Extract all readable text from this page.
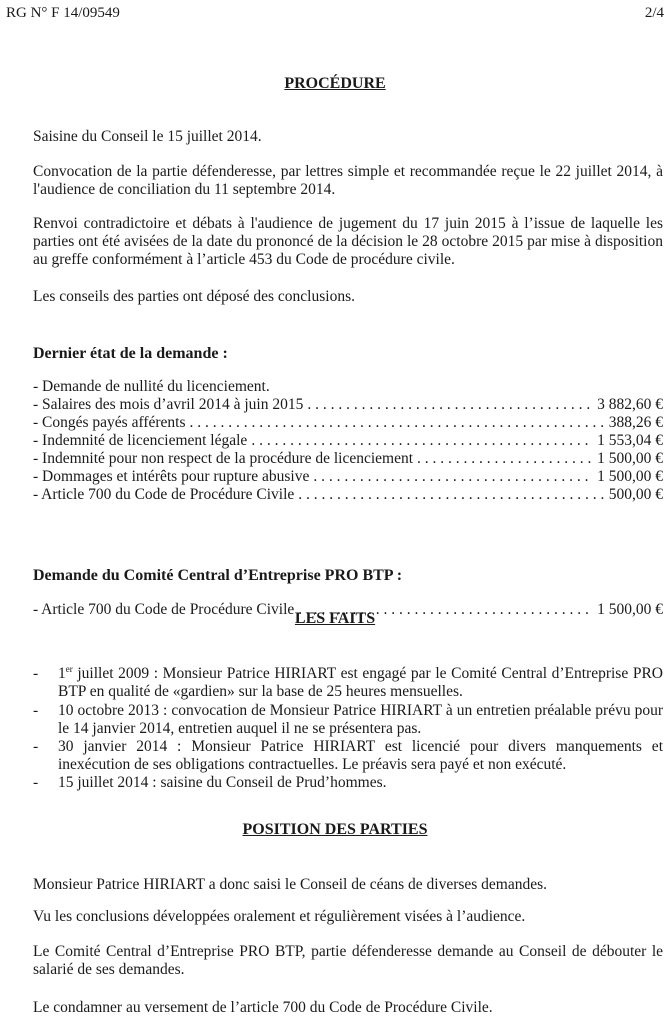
RG N° F 14/09549	2/4
PROCÉDURE
Saisine du Conseil le 15 juillet 2014.
Convocation de la partie défenderesse, par lettres simple et recommandée reçue le 22 juillet 2014, à l'audience de conciliation du 11 septembre 2014.
Renvoi contradictoire et débats à l'audience de jugement du 17 juin 2015 à l’issue de laquelle les parties ont été avisées de la date du prononcé de la décision le 28 octobre 2015 par mise à disposition au greffe conformément à l’article 453 du Code de procédure civile.
Les conseils des parties ont déposé des conclusions.
Dernier état de la demande :
- Demande de nullité du licenciement.
- Salaires des mois d’avril 2014 à juin 2015 . . .	3 882,60 €
- Congés payés afférents . . .	388,26 €
- Indemnité de licenciement légale . . .	1 553,04 €
- Indemnité pour non respect de la procédure de licenciement . . .	1 500,00 €
- Dommages et intérêts pour rupture abusive . . .	1 500,00 €
- Article 700 du Code de Procédure Civile . . .	500,00 €
Demande du Comité Central d’Entreprise PRO BTP :
- Article 700 du Code de Procédure Civile . . .	1 500,00 €
LES FAITS
- 1er juillet 2009 : Monsieur Patrice HIRIART est engagé par le Comité Central d’Entreprise PRO BTP en qualité de «gardien» sur la base de 25 heures mensuelles.
- 10 octobre 2013 : convocation de Monsieur Patrice HIRIART à un entretien préalable prévu pour le 14 janvier 2014, entretien auquel il ne se présentera pas.
- 30 janvier 2014 : Monsieur Patrice HIRIART est licencié pour divers manquements et inexécution de ses obligations contractuelles. Le préavis sera payé et non exécuté.
- 15 juillet 2014 : saisine du Conseil de Prud’hommes.
POSITION DES PARTIES
Monsieur Patrice HIRIART a donc saisi le Conseil de céans de diverses demandes.
Vu les conclusions développées oralement et régulièrement visées à l’audience.
Le Comité Central d’Entreprise PRO BTP, partie défenderesse demande au Conseil de débouter le salarié de ses demandes.
Le condamner au versement de l’article 700 du Code de Procédure Civile.
